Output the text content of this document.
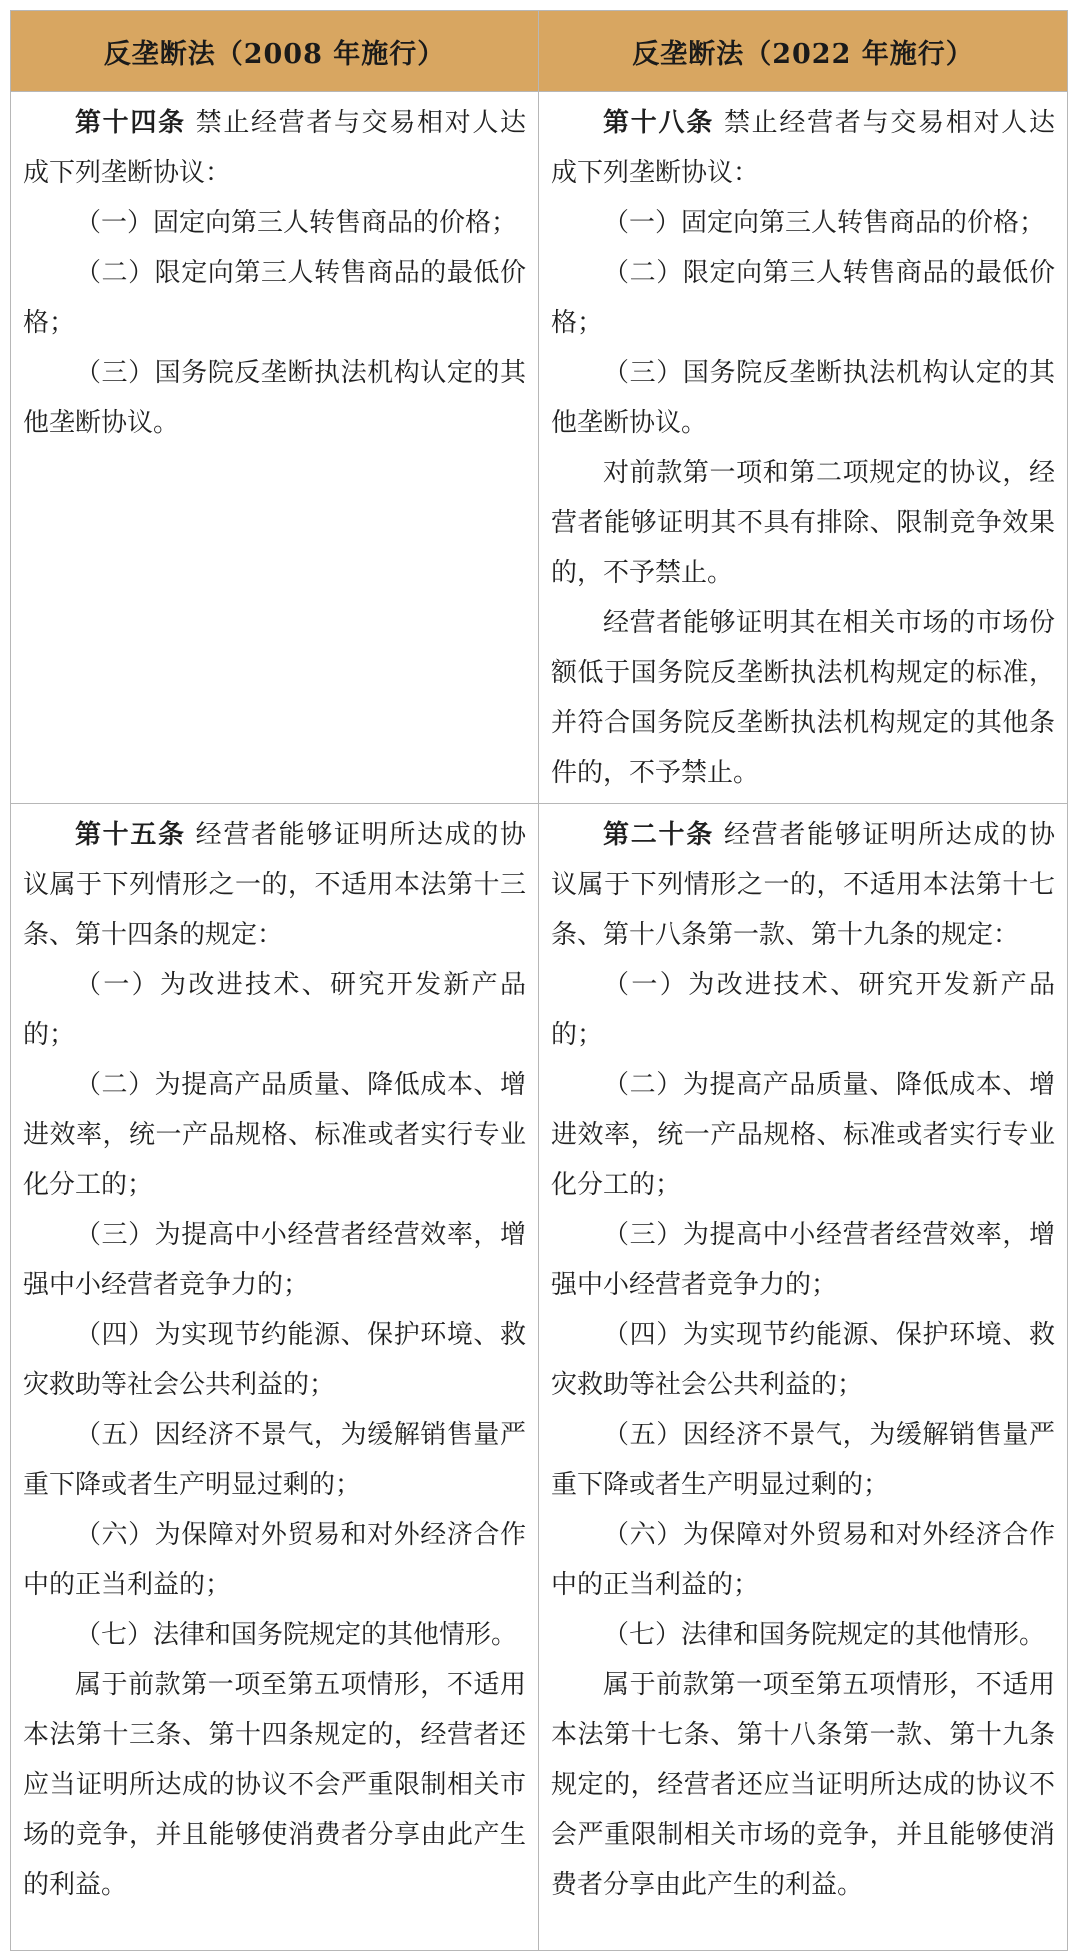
反垄断法（2008 年施行）	反垄断法（2022 年施行）

第十四条 禁止经营者与交易相对人达成下列垄断协议：

（一）固定向第三人转售商品的价格；

（二）限定向第三人转售商品的最低价格；

（三）国务院反垄断执法机构认定的其他垄断协议。

第十八条 禁止经营者与交易相对人达成下列垄断协议：

（一）固定向第三人转售商品的价格；

（二）限定向第三人转售商品的最低价格；

（三）国务院反垄断执法机构认定的其他垄断协议。

对前款第一项和第二项规定的协议，经营者能够证明其不具有排除、限制竞争效果的，不予禁止。

经营者能够证明其在相关市场的市场份额低于国务院反垄断执法机构规定的标准，并符合国务院反垄断执法机构规定的其他条件的，不予禁止。

第十五条 经营者能够证明所达成的协议属于下列情形之一的，不适用本法第十三条、第十四条的规定：

（一）为改进技术、研究开发新产品的；

（二）为提高产品质量、降低成本、增进效率，统一产品规格、标准或者实行专业化分工的；

（三）为提高中小经营者经营效率，增强中小经营者竞争力的；

（四）为实现节约能源、保护环境、救灾救助等社会公共利益的；

（五）因经济不景气，为缓解销售量严重下降或者生产明显过剩的；

（六）为保障对外贸易和对外经济合作中的正当利益的；

（七）法律和国务院规定的其他情形。

属于前款第一项至第五项情形，不适用本法第十三条、第十四条规定的，经营者还应当证明所达成的协议不会严重限制相关市场的竞争，并且能够使消费者分享由此产生的利益。

第二十条 经营者能够证明所达成的协议属于下列情形之一的，不适用本法第十七条、第十八条第一款、第十九条的规定：

（一）为改进技术、研究开发新产品的；

（二）为提高产品质量、降低成本、增进效率，统一产品规格、标准或者实行专业化分工的；

（三）为提高中小经营者经营效率，增强中小经营者竞争力的；

（四）为实现节约能源、保护环境、救灾救助等社会公共利益的；

（五）因经济不景气，为缓解销售量严重下降或者生产明显过剩的；

（六）为保障对外贸易和对外经济合作中的正当利益的；

（七）法律和国务院规定的其他情形。

属于前款第一项至第五项情形，不适用本法第十七条、第十八条第一款、第十九条规定的，经营者还应当证明所达成的协议不会严重限制相关市场的竞争，并且能够使消费者分享由此产生的利益。
